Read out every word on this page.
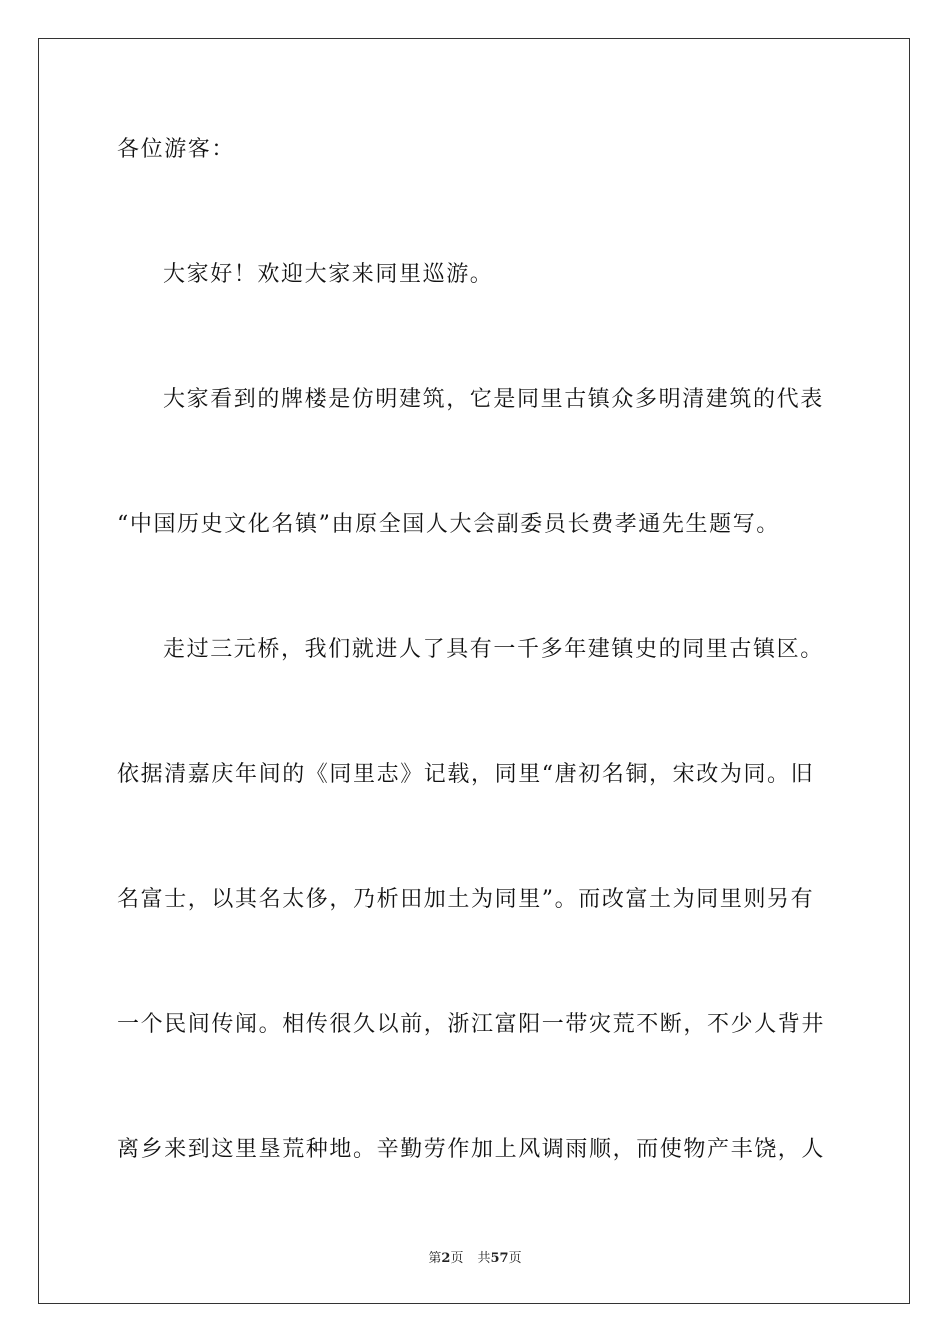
各位游客：
大家好！欢迎大家来同里巡游。
大家看到的牌楼是仿明建筑，它是同里古镇众多明清建筑的代表
“中国历史文化名镇”由原全国人大会副委员长费孝通先生题写。
走过三元桥，我们就进人了具有一千多年建镇史的同里古镇区。
依据清嘉庆年间的《同里志》记载，同里“唐初名铜，宋改为同。旧
名富士，以其名太侈，乃析田加土为同里”。而改富土为同里则另有
一个民间传闻。相传很久以前，浙江富阳一带灾荒不断，不少人背井
离乡来到这里垦荒种地。辛勤劳作加上风调雨顺，而使物产丰饶，人
第2页 共57页
